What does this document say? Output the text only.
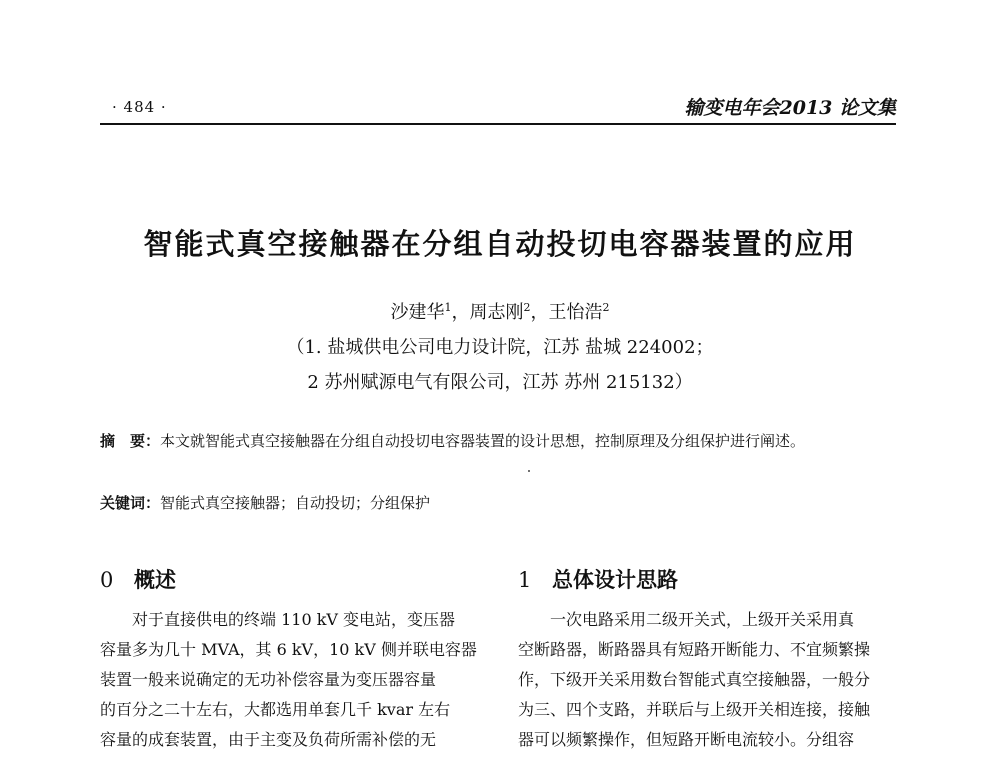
· 484 ·	输变电年会2013 论文集
智能式真空接触器在分组自动投切电容器装置的应用
沙建华$^1$，周志刚$^2$，王怡浩$^2$
（1. 盐城供电公司电力设计院，江苏 盐城 224002；
2 苏州赋源电气有限公司，江苏 苏州 215132）
摘　要：本文就智能式真空接触器在分组自动投切电容器装置的设计思想，控制原理及分组保护进行阐述。
关键词：智能式真空接触器；自动投切；分组保护
0 概述	1 总体设计思路
对于直接供电的终端 110 kV 变电站，变压器
容量多为几十 MVA，其 6 kV，10 kV 侧并联电容器
装置一般来说确定的无功补偿容量为变压器容量
的百分之二十左右，大都选用单套几千 kvar 左右
容量的成套装置，由于主变及负荷所需补偿的无
一次电路采用二级开关式，上级开关采用真
空断路器，断路器具有短路开断能力、不宜频繁操
作，下级开关采用数台智能式真空接触器，一般分
为三、四个支路，并联后与上级开关相连接，接触
器可以频繁操作，但短路开断电流较小。分组容
